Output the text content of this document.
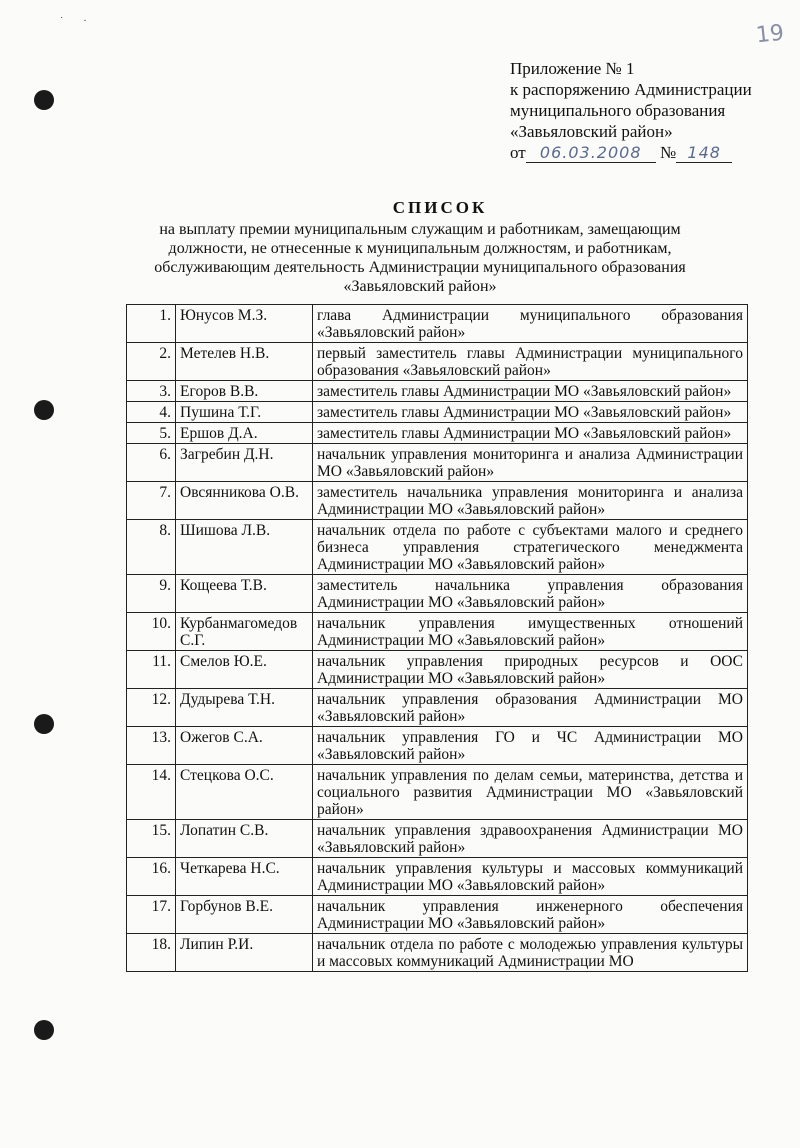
˙        ·	19
Приложение № 1
к распоряжению Администрации
муниципального образования
«Завьяловский район»
от 06.03.2008 № 148
СПИСОК
на выплату премии муниципальным служащим и работникам, замещающим должности, не отнесенные к муниципальным должностям, и работникам, обслуживающим деятельность Администрации муниципального образования «Завьяловский район»
1.	Юнусов М.З.	глава Администрации муниципального образования «Завьяловский район»
2.	Метелев Н.В.	первый заместитель главы Администрации муниципального образования «Завьяловский район»
3.	Егоров В.В.	заместитель главы Администрации МО «Завьяловский район»
4.	Пушина Т.Г.	заместитель главы Администрации МО «Завьяловский район»
5.	Ершов Д.А.	заместитель главы Администрации МО «Завьяловский район»
6.	Загребин Д.Н.	начальник управления мониторинга и анализа Администрации МО «Завьяловский район»
7.	Овсянникова О.В.	заместитель начальника управления мониторинга и анализа Администрации МО «Завьяловский район»
8.	Шишова Л.В.	начальник отдела по работе с субъектами малого и среднего бизнеса управления стратегического менеджмента Администрации МО «Завьяловский район»
9.	Кощеева Т.В.	заместитель начальника управления образования Администрации МО «Завьяловский район»
10.	Курбанмагомедов С.Г.	начальник управления имущественных отношений Администрации МО «Завьяловский район»
11.	Смелов Ю.Е.	начальник управления природных ресурсов и ООС Администрации МО «Завьяловский район»
12.	Дудырева Т.Н.	начальник управления образования Администрации МО «Завьяловский район»
13.	Ожегов С.А.	начальник управления ГО и ЧС Администрации МО «Завьяловский район»
14.	Стецкова О.С.	начальник управления по делам семьи, материнства, детства и социального развития Администрации МО «Завьяловский район»
15.	Лопатин С.В.	начальник управления здравоохранения Администрации МО «Завьяловский район»
16.	Четкарева Н.С.	начальник управления культуры и массовых коммуникаций Администрации МО «Завьяловский район»
17.	Горбунов В.Е.	начальник управления инженерного обеспечения Администрации МО «Завьяловский район»
18.	Липин Р.И.	начальник отдела по работе с молодежью управления культуры и массовых коммуникаций Администрации МО
